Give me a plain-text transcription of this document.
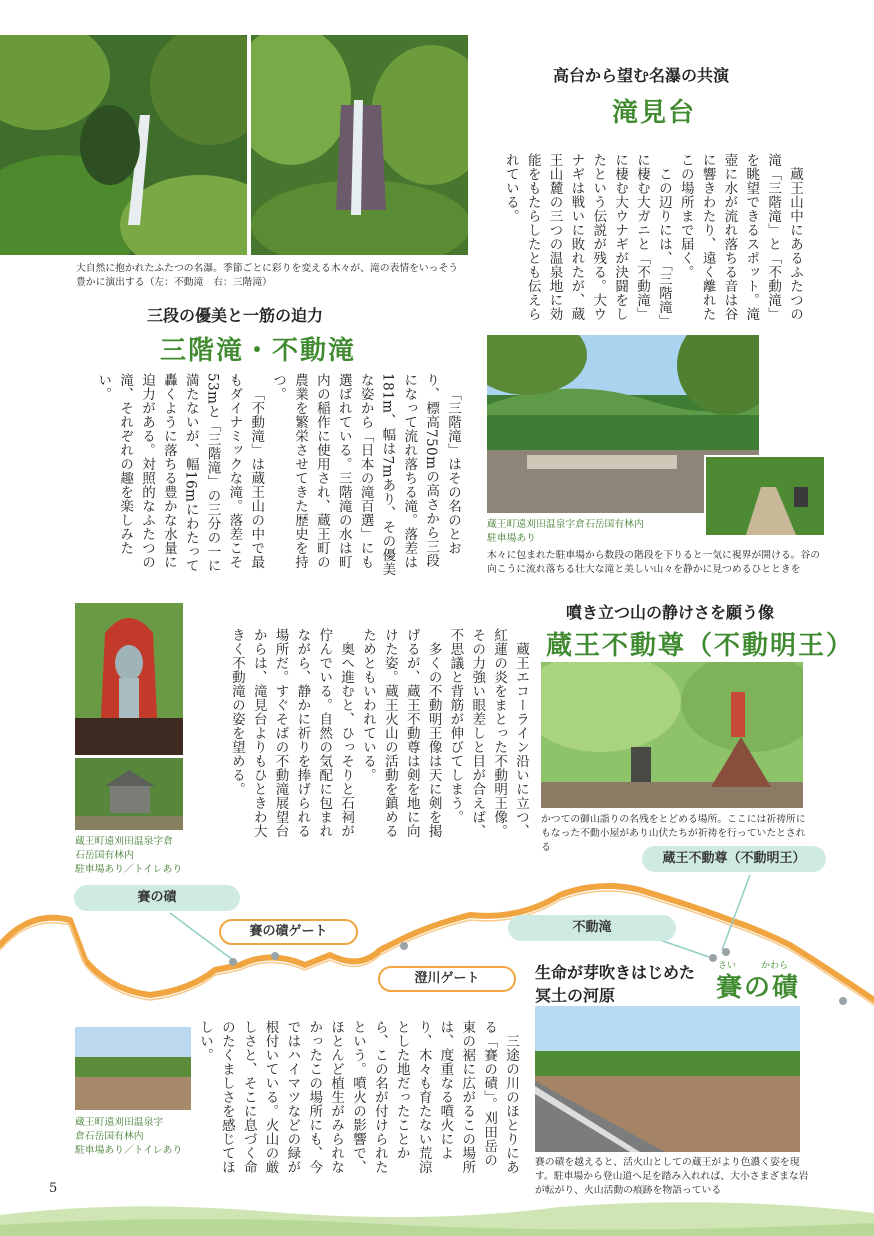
大自然に抱かれたふたつの名瀑。季節ごとに彩りを変える木々が、滝の表情をいっそう豊かに演出する（左：不動滝　右：三階滝）
高台から望む名瀑の共演
滝見台

蔵王山中にあるふたつの滝「三階滝」と「不動滝」を眺望できるスポット。滝壺に水が流れ落ちる音は谷に響きわたり、遠く離れたこの場所まで届く。

この辺りには、「三階滝」に棲む大ガニと「不動滝」に棲む大ウナギが決闘をしたという伝説が残る。大ウナギは戦いに敗れたが、蔵王山麓の三つの温泉地に効能をもたらしたとも伝えられている。

蔵王町遠刈田温泉字倉石岳国有林内
駐車場あり
木々に包まれた駐車場から数段の階段を下りると一気に視界が開ける。谷の向こうに流れ落ちる壮大な滝と美しい山々を静かに見つめるひとときを
三段の優美と一筋の迫力
三階滝・不動滝

「三階滝」はその名のとおり、標高750mの高さから三段になって流れ落ちる滝。落差は181m、幅は7mあり、その優美な姿から「日本の滝百選」にも選ばれている。三階滝の水は町内の稲作に使用され、蔵王町の農業を繁栄させてきた歴史を持つ。

「不動滝」は蔵王山の中で最もダイナミックな滝。落差こそ53mと「三階滝」の三分の一に満たないが、幅16mにわたって轟くように落ちる豊かな水量に迫力がある。対照的なふたつの滝、それぞれの趣を楽しみたい。

蔵王町遠刈田温泉字倉
石岳国有林内
駐車場あり／トイレあり

蔵王エコーライン沿いに立つ、紅蓮の炎をまとった不動明王像。その力強い眼差しと目が合えば、不思議と背筋が伸びてしまう。

多くの不動明王像は天に剣を掲げるが、蔵王不動尊は剣を地に向けた姿。蔵王火山の活動を鎮めるためともいわれている。

奥へ進むと、ひっそりと石祠が佇んでいる。自然の気配に包まれながら、静かに祈りを捧げられる場所だ。すぐそばの不動滝展望台からは、滝見台よりもひときわ大きく不動滝の姿を望める。

噴き立つ山の静けさを願う像
蔵王不動尊（不動明王）
かつての御山詣りの名残をとどめる場所。ここには祈祷所にもなった不動小屋があり山伏たちが祈祷を行っていたとされる
賽の磧
賽の磧ゲート
澄川ゲート
不動滝
蔵王不動尊（不動明王）
蔵王町遠刈田温泉字
倉石岳国有林内
駐車場あり／トイレあり	三途の川のほとりにある「賽の磧」。刈田岳の東の裾に広がるこの場所は、度重なる噴火により、木々も育たない荒涼とした地だったことから、この名が付けられたという。噴火の影響で、ほとんど植生がみられなかったこの場所にも、今ではハイマツなどの緑が根付いている。火山の厳しさと、そこに息づく命のたくましさを感じてほしい。

生命が芽吹きはじめた
冥土の河原
さい	かわら
賽の磧
賽の磧を越えると、活火山としての蔵王がより色濃く姿を現す。駐車場から登山道へ足を踏み入れれば、大小さまざまな岩が転がり、火山活動の痕跡を物語っている
5
